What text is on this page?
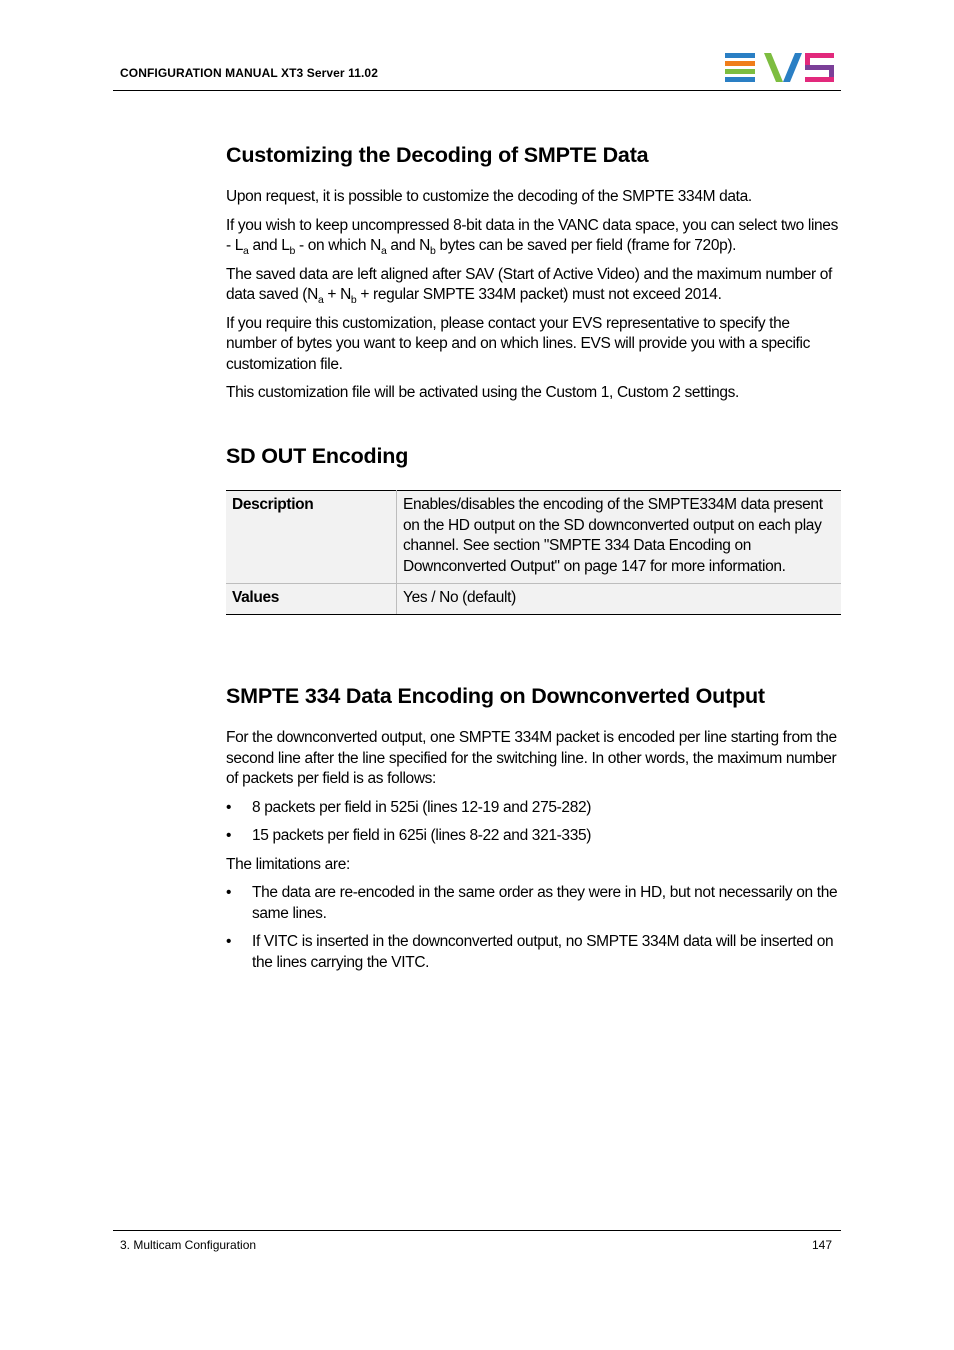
CONFIGURATION MANUAL XT3 Server 11.02
Customizing the Decoding of SMPTE Data

Upon request, it is possible to customize the decoding of the SMPTE 334M data.

If you wish to keep uncompressed 8-bit data in the VANC data space, you can select two lines - $L_a$ and $L_b$ - on which $N_a$ and $N_b$ bytes can be saved per field (frame for 720p).

The saved data are left aligned after SAV (Start of Active Video) and the maximum number of data saved ($N_a + N_b$ + regular SMPTE 334M packet) must not exceed 2014.

If you require this customization, please contact your EVS representative to specify the number of bytes you want to keep and on which lines. EVS will provide you with a specific customization file.

This customization file will be activated using the Custom 1, Custom 2 settings.

SD OUT Encoding
Description	Enables/disables the encoding of the SMPTE334M data present on the HD output on the SD downconverted output on each play channel. See section "SMPTE 334 Data Encoding on Downconverted Output" on page 147 for more information.
Values	Yes / No (default)
SMPTE 334 Data Encoding on Downconverted Output

For the downconverted output, one SMPTE 334M packet is encoded per line starting from the second line after the line specified for the switching line. In other words, the maximum number of packets per field is as follows:

• 8 packets per field in 525i (lines 12-19 and 275-282)

• 15 packets per field in 625i (lines 8-22 and 321-335)

The limitations are:

• The data are re-encoded in the same order as they were in HD, but not necessarily on the same lines.

• If VITC is inserted in the downconverted output, no SMPTE 334M data will be inserted on the lines carrying the VITC.

3. Multicam Configuration	147
